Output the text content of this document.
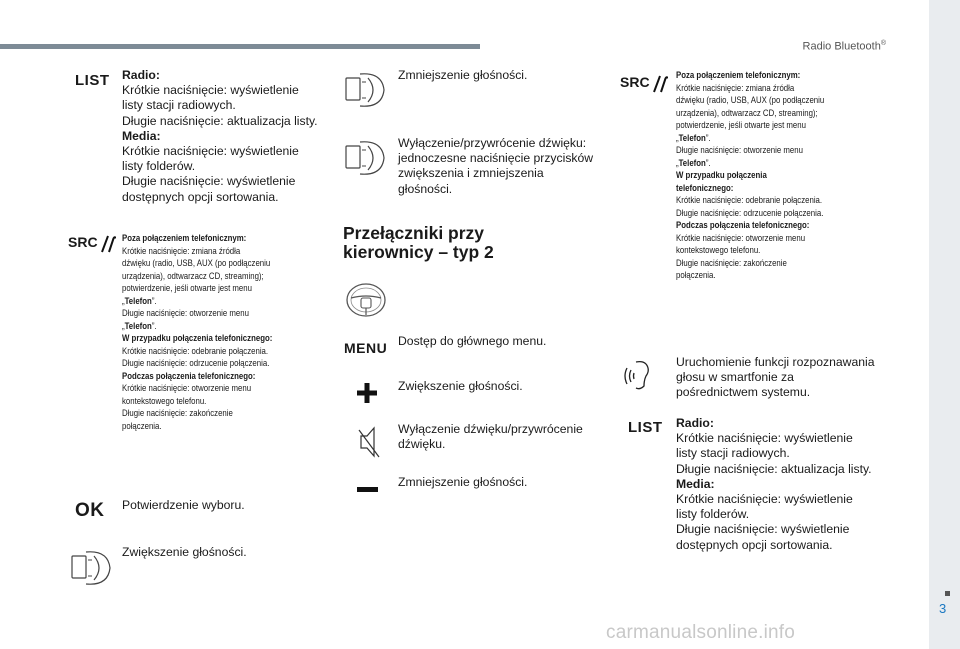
Radio Bluetooth®
3
carmanualsonline.info
LIST Radio:
Krótkie naciśnięcie: wyświetlenie
listy stacji radiowych.
Długie naciśnięcie: aktualizacja listy.
Media:
Krótkie naciśnięcie: wyświetlenie
listy folderów.
Długie naciśnięcie: wyświetlenie
dostępnych opcji sortowania.
SRC	Poza połączeniem telefonicznym:
Krótkie naciśnięcie: zmiana źródła
dźwięku (radio, USB, AUX (po podłączeniu
urządzenia), odtwarzacz CD, streaming);
potwierdzenie, jeśli otwarte jest menu
„Telefon”.
Długie naciśnięcie: otworzenie menu
„Telefon”.
W przypadku połączenia telefonicznego:
Krótkie naciśnięcie: odebranie połączenia.
Długie naciśnięcie: odrzucenie połączenia.
Podczas połączenia telefonicznego:
Krótkie naciśnięcie: otworzenie menu
kontekstowego telefonu.
Długie naciśnięcie: zakończenie
połączenia.
OK Potwierdzenie wyboru.
Zwiększenie głośności.
Zmniejszenie głośności.
Wyłączenie/przywrócenie dźwięku:
jednoczesne naciśnięcie przycisków
zwiększenia i zmniejszenia
głośności.
Przełączniki przy
kierownicy – typ 2
MENU Dostęp do głównego menu.
Zwiększenie głośności.
Wyłączenie dźwięku/przywrócenie
dźwięku.
Zmniejszenie głośności.
SRC	Poza połączeniem telefonicznym:
Krótkie naciśnięcie: zmiana źródła
dźwięku (radio, USB, AUX (po podłączeniu
urządzenia), odtwarzacz CD, streaming);
potwierdzenie, jeśli otwarte jest menu
„Telefon”.
Długie naciśnięcie: otworzenie menu
„Telefon”.
W przypadku połączenia
telefonicznego:
Krótkie naciśnięcie: odebranie połączenia.
Długie naciśnięcie: odrzucenie połączenia.
Podczas połączenia telefonicznego:
Krótkie naciśnięcie: otworzenie menu
kontekstowego telefonu.
Długie naciśnięcie: zakończenie
połączenia.
Uruchomienie funkcji rozpoznawania
głosu w smartfonie za
pośrednictwem systemu.
LIST Radio:
Krótkie naciśnięcie: wyświetlenie
listy stacji radiowych.
Długie naciśnięcie: aktualizacja listy.
Media:
Krótkie naciśnięcie: wyświetlenie
listy folderów.
Długie naciśnięcie: wyświetlenie
dostępnych opcji sortowania.
